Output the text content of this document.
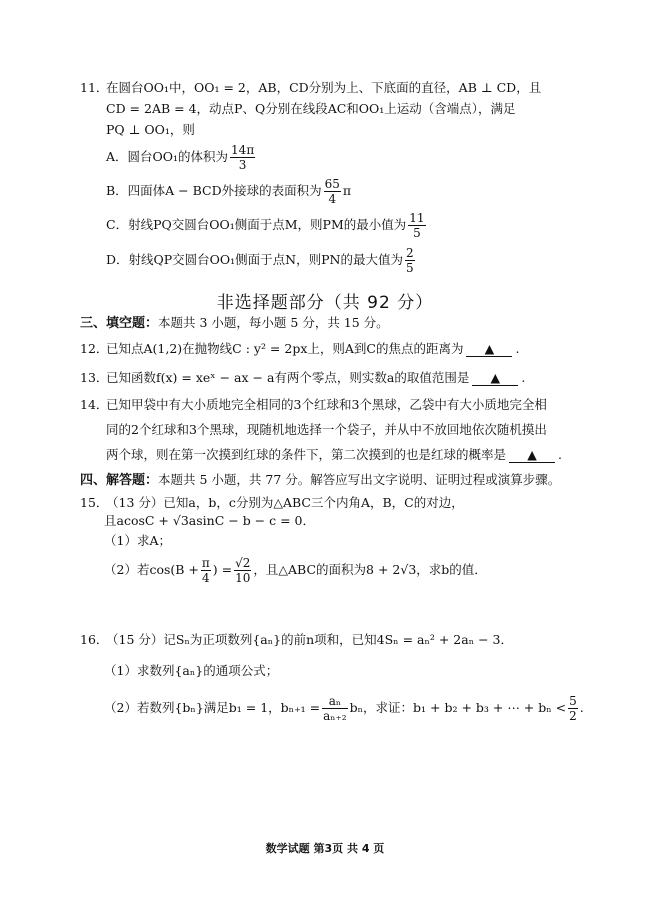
11．
在圆台OO₁中，OO₁ = 2，AB，CD分别为上、下底面的直径，AB ⊥ CD，且
CD = 2AB = 4，动点P、Q分别在线段AC和OO₁上运动（含端点），满足
PQ ⊥ OO₁，则
A．圆台OO₁的体积为 $\frac{14\pi}{3}$
B．四面体A − BCD外接球的表面积为 $\frac{65}{4}$ π
C．射线PQ交圆台OO₁侧面于点M，则PM的最小值为 $\frac{11}{5}$
D．射线QP交圆台OO₁侧面于点N，则PN的最大值为 $\frac{2}{5}$
非选择题部分（共 92 分）
三、填空题：本题共 3 小题，每小题 5 分，共 15 分。
12．
已知点A(1,2)在抛物线C : y² = 2px上，则A到C的焦点的距离为 ▲ .
13．
已知函数f(x) = xeˣ − ax − a有两个零点，则实数a的取值范围是 ▲ .
14．
已知甲袋中有大小质地完全相同的3个红球和3个黑球，乙袋中有大小质地完全相
同的2个红球和3个黑球，现随机地选择一个袋子，并从中不放回地依次随机摸出
两个球，则在第一次摸到红球的条件下，第二次摸到的也是红球的概率是 ▲ .
四、解答题：本题共 5 小题，共 77 分。解答应写出文字说明、证明过程或演算步骤。
15．
（13 分）已知a，b，c分别为△ABC三个内角A，B，C的对边，
且acosC + √3asinC − b − c = 0．
（1）求A；
（2）若$\cos(B + \frac{\pi}{4}$ ) = $\frac{√2}{10}$ ，且△ABC的面积为8 + 2√3，求b的值．
16．
（15 分）记Sₙ为正项数列{aₙ}的前n项和，已知4Sₙ = aₙ² + 2aₙ − 3．
（1）求数列{aₙ}的通项公式；
（2）若数列{bₙ}满足b₁ = 1，$b_{n+1} = \frac{\text{aₙ}}{\text{aₙ₊₂}}$ bₙ，求证：b₁ + b₂ + b₃ + ⋯ + $b_n < \frac{5}{2}$ .
数学试题 第3页 共 4 页
